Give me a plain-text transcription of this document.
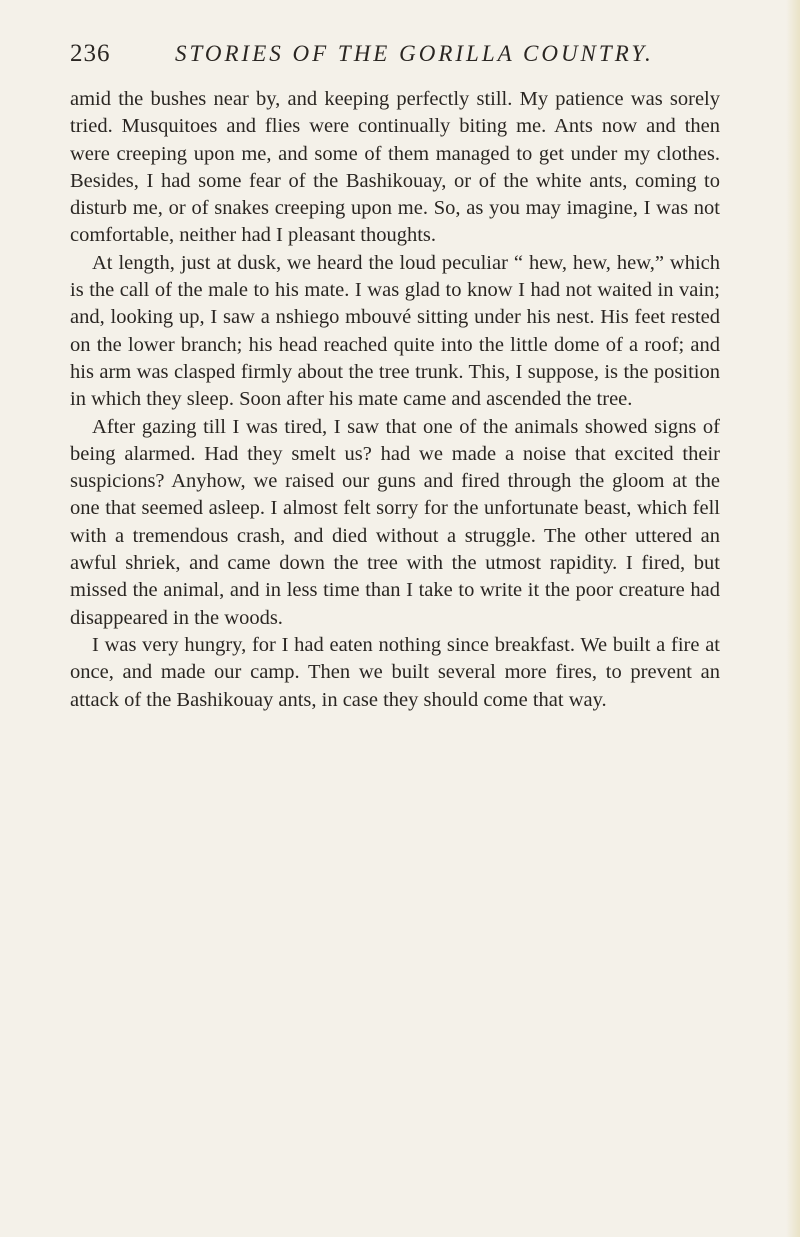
236	STORIES OF THE GORILLA COUNTRY.

amid the bushes near by, and keeping perfectly still. My patience was sorely tried. Musquitoes and flies were continually biting me. Ants now and then were creeping upon me, and some of them managed to get under my clothes. Besides, I had some fear of the Bashikouay, or of the white ants, coming to disturb me, or of snakes creeping upon me. So, as you may imagine, I was not comfortable, neither had I pleasant thoughts.

At length, just at dusk, we heard the loud peculiar “ hew, hew, hew,” which is the call of the male to his mate. I was glad to know I had not waited in vain; and, looking up, I saw a nshiego mbouvé sitting under his nest. His feet rested on the lower branch; his head reached quite into the little dome of a roof; and his arm was clasped firmly about the tree trunk. This, I suppose, is the position in which they sleep. Soon after his mate came and ascended the tree.

After gazing till I was tired, I saw that one of the animals showed signs of being alarmed. Had they smelt us? had we made a noise that excited their suspicions? Anyhow, we raised our guns and fired through the gloom at the one that seemed asleep. I almost felt sorry for the unfortunate beast, which fell with a tremendous crash, and died without a struggle. The other uttered an awful shriek, and came down the tree with the utmost rapidity. I fired, but missed the animal, and in less time than I take to write it the poor creature had disappeared in the woods.

I was very hungry, for I had eaten nothing since breakfast. We built a fire at once, and made our camp. Then we built several more fires, to prevent an attack of the Bashikouay ants, in case they should come that way.
